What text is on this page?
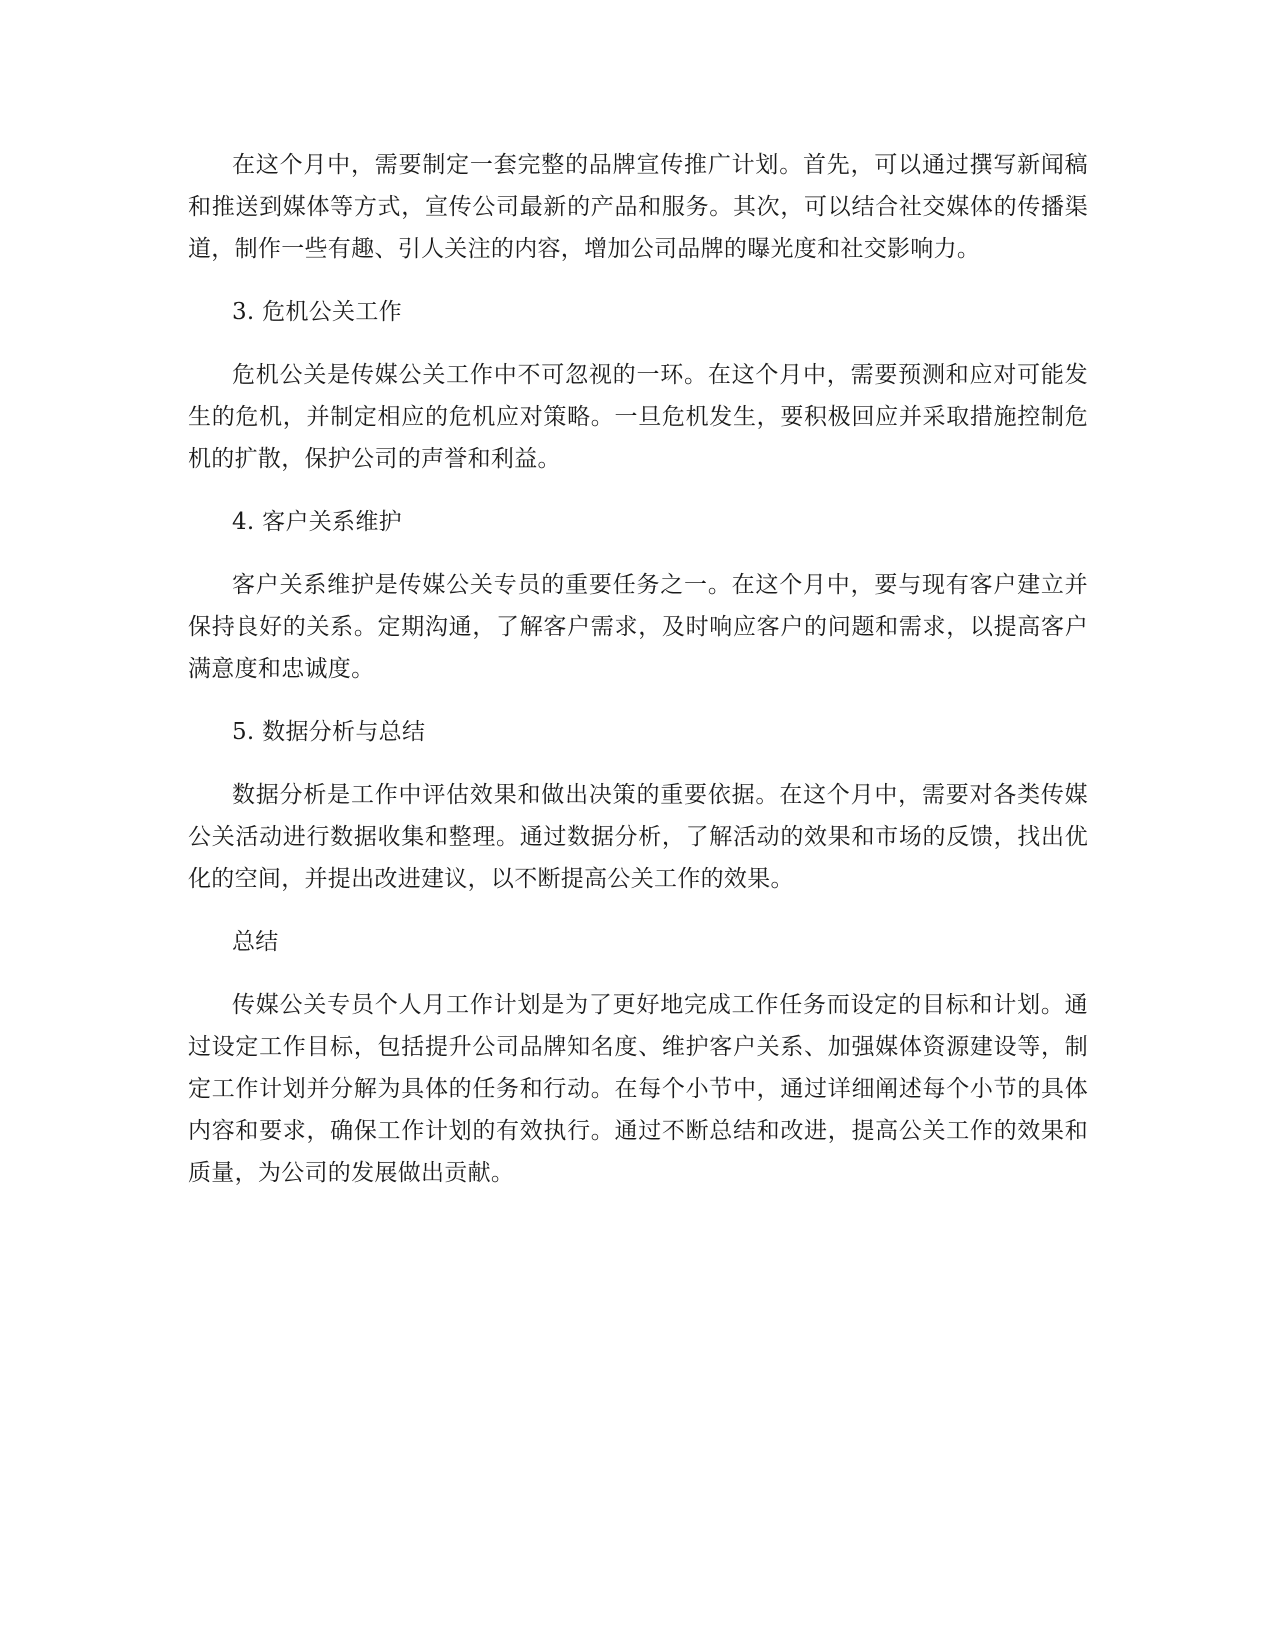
在这个月中，需要制定一套完整的品牌宣传推广计划。首先，可以通过撰写新闻稿和推送到媒体等方式，宣传公司最新的产品和服务。其次，可以结合社交媒体的传播渠道，制作一些有趣、引人关注的内容，增加公司品牌的曝光度和社交影响力。

3. 危机公关工作

危机公关是传媒公关工作中不可忽视的一环。在这个月中，需要预测和应对可能发生的危机，并制定相应的危机应对策略。一旦危机发生，要积极回应并采取措施控制危机的扩散，保护公司的声誉和利益。

4. 客户关系维护

客户关系维护是传媒公关专员的重要任务之一。在这个月中，要与现有客户建立并保持良好的关系。定期沟通，了解客户需求，及时响应客户的问题和需求，以提高客户满意度和忠诚度。

5. 数据分析与总结

数据分析是工作中评估效果和做出决策的重要依据。在这个月中，需要对各类传媒公关活动进行数据收集和整理。通过数据分析，了解活动的效果和市场的反馈，找出优化的空间，并提出改进建议，以不断提高公关工作的效果。

总结

传媒公关专员个人月工作计划是为了更好地完成工作任务而设定的目标和计划。通过设定工作目标，包括提升公司品牌知名度、维护客户关系、加强媒体资源建设等，制定工作计划并分解为具体的任务和行动。在每个小节中，通过详细阐述每个小节的具体内容和要求，确保工作计划的有效执行。通过不断总结和改进，提高公关工作的效果和质量，为公司的发展做出贡献。
